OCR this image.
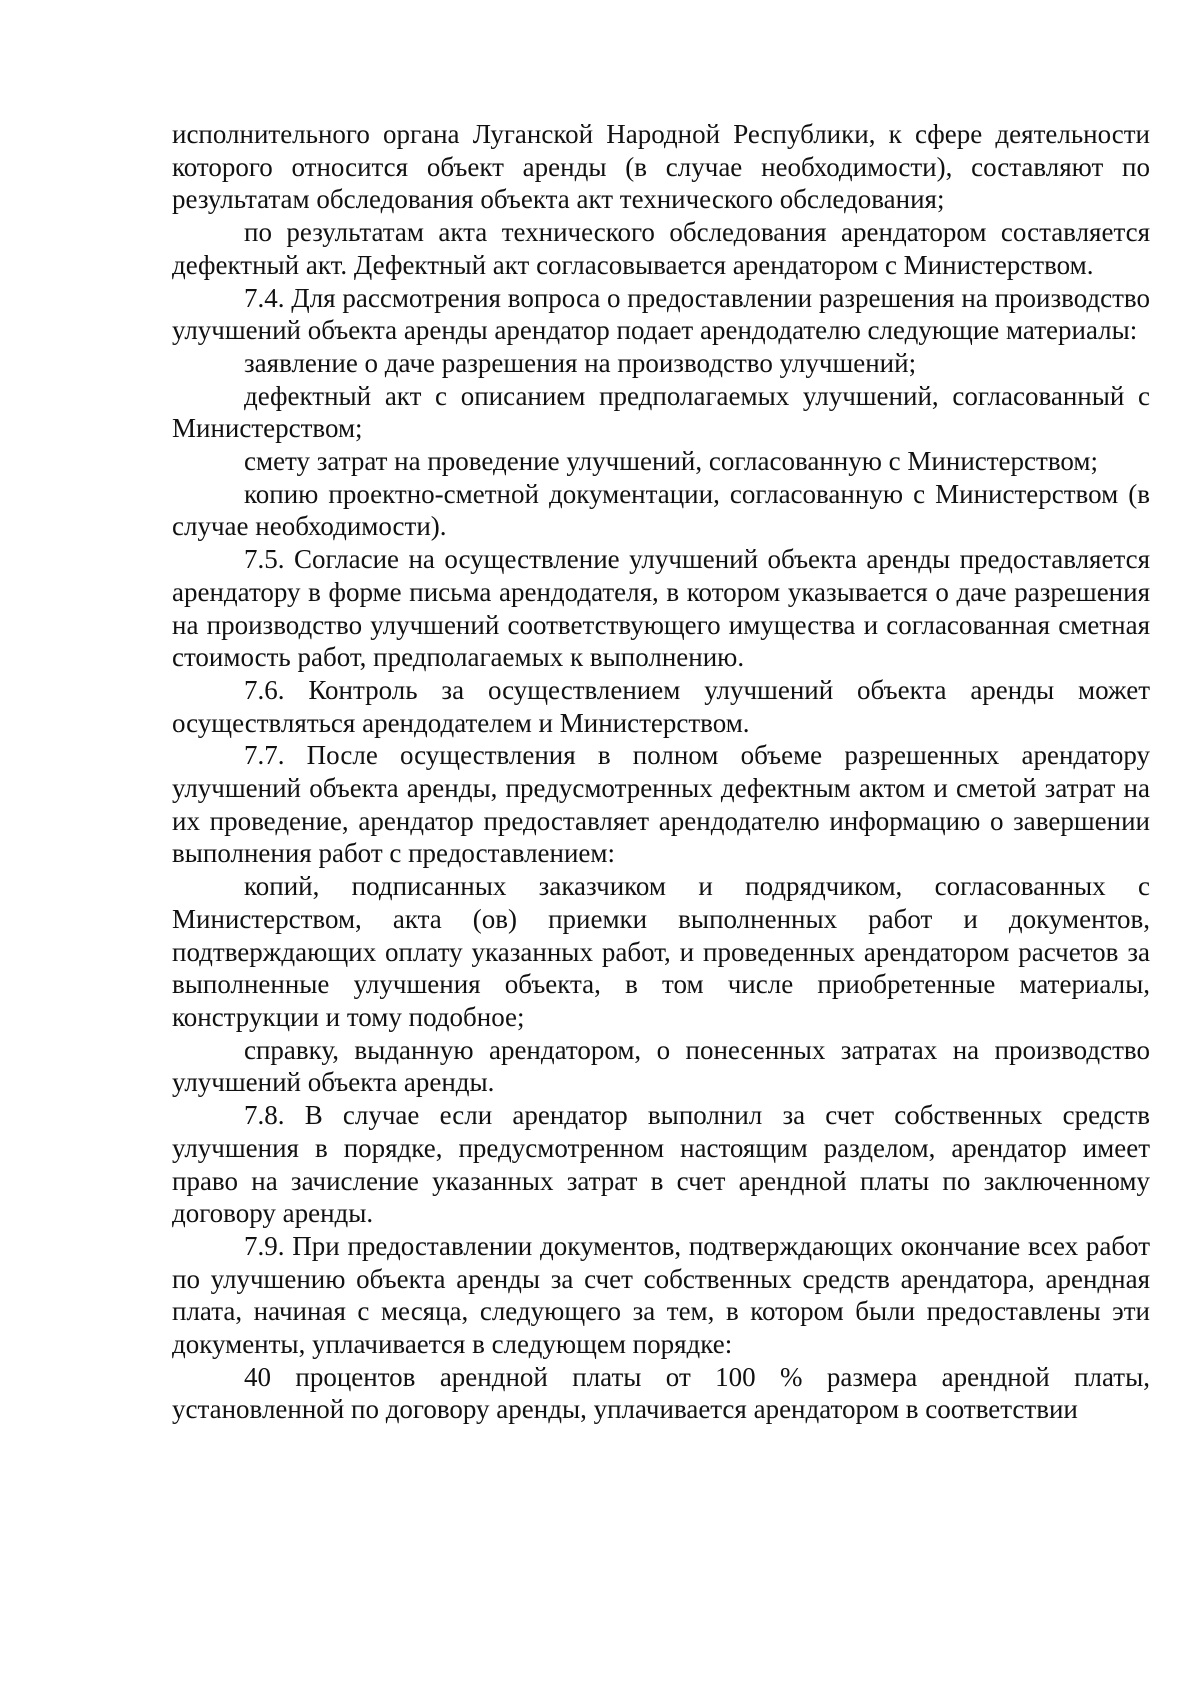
исполнительного органа Луганской Народной Республики, к сфере деятельности которого относится объект аренды (в случае необходимости), составляют по результатам обследования объекта акт технического обследования;

по результатам акта технического обследования арендатором составляется дефектный акт. Дефектный акт согласовывается арендатором с Министерством.

7.4. Для рассмотрения вопроса о предоставлении разрешения на производство улучшений объекта аренды арендатор подает арендодателю следующие материалы:

заявление о даче разрешения на производство улучшений;

дефектный акт с описанием предполагаемых улучшений, согласованный с Министерством;

смету затрат на проведение улучшений, согласованную с Министерством;

копию проектно-сметной документации, согласованную с Министерством (в случае необходимости).

7.5. Согласие на осуществление улучшений объекта аренды предоставляется арендатору в форме письма арендодателя, в котором указывается о даче разрешения на производство улучшений соответствующего имущества и согласованная сметная стоимость работ, предполагаемых к выполнению.

7.6. Контроль за осуществлением улучшений объекта аренды может осуществляться арендодателем и Министерством.

7.7. После осуществления в полном объеме разрешенных арендатору улучшений объекта аренды, предусмотренных дефектным актом и сметой затрат на их проведение, арендатор предоставляет арендодателю информацию о завершении выполнения работ с предоставлением:

копий, подписанных заказчиком и подрядчиком, согласованных с Министерством, акта (ов) приемки выполненных работ и документов, подтверждающих оплату указанных работ, и проведенных арендатором расчетов за выполненные улучшения объекта, в том числе приобретенные материалы, конструкции и тому подобное;

справку, выданную арендатором, о понесенных затратах на производство улучшений объекта аренды.

7.8. В случае если арендатор выполнил за счет собственных средств улучшения в порядке, предусмотренном настоящим разделом, арендатор имеет право на зачисление указанных затрат в счет арендной платы по заключенному договору аренды.

7.9. При предоставлении документов, подтверждающих окончание всех работ по улучшению объекта аренды за счет собственных средств арендатора, арендная плата, начиная с месяца, следующего за тем, в котором были предоставлены эти документы, уплачивается в следующем порядке:

40 процентов арендной платы от 100 % размера арендной платы, установленной по договору аренды, уплачивается арендатором в соответствии
